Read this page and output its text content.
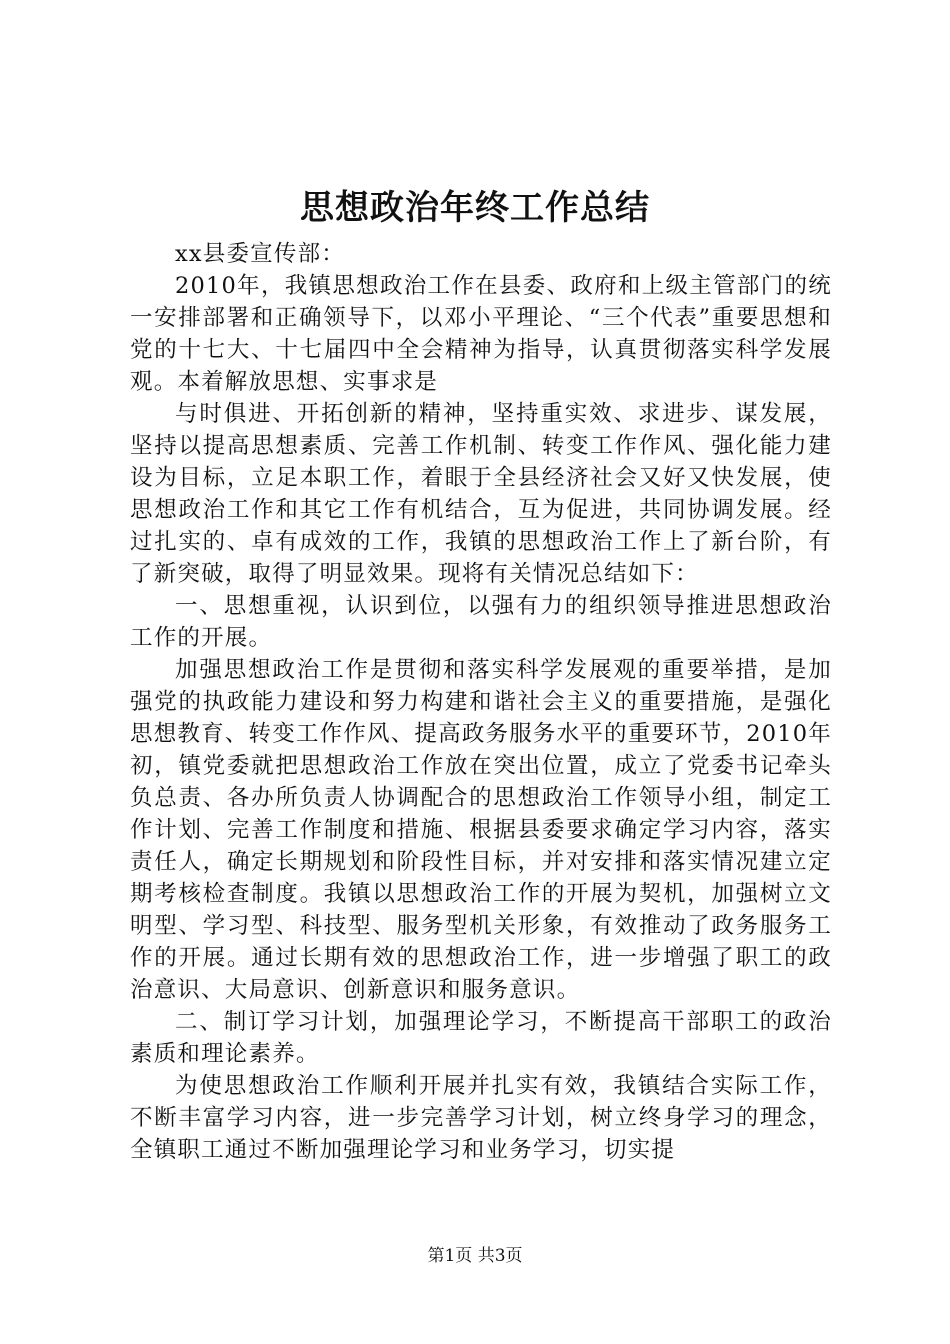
思想政治年终工作总结

xx县委宣传部：

2010年，我镇思想政治工作在县委、政府和上级主管部门的统一安排部署和正确领导下，以邓小平理论、“三个代表”重要思想和党的十七大、十七届四中全会精神为指导，认真贯彻落实科学发展观。本着解放思想、实事求是

与时俱进、开拓创新的精神，坚持重实效、求进步、谋发展，坚持以提高思想素质、完善工作机制、转变工作作风、强化能力建设为目标，立足本职工作，着眼于全县经济社会又好又快发展，使思想政治工作和其它工作有机结合，互为促进，共同协调发展。经过扎实的、卓有成效的工作，我镇的思想政治工作上了新台阶，有了新突破，取得了明显效果。现将有关情况总结如下：

一、思想重视，认识到位，以强有力的组织领导推进思想政治工作的开展。

加强思想政治工作是贯彻和落实科学发展观的重要举措，是加强党的执政能力建设和努力构建和谐社会主义的重要措施，是强化思想教育、转变工作作风、提高政务服务水平的重要环节，2010年初，镇党委就把思想政治工作放在突出位置，成立了党委书记牵头负总责、各办所负责人协调配合的思想政治工作领导小组，制定工作计划、完善工作制度和措施、根据县委要求确定学习内容，落实责任人，确定长期规划和阶段性目标，并对安排和落实情况建立定期考核检查制度。我镇以思想政治工作的开展为契机，加强树立文明型、学习型、科技型、服务型机关形象，有效推动了政务服务工作的开展。通过长期有效的思想政治工作，进一步增强了职工的政治意识、大局意识、创新意识和服务意识。

二、制订学习计划，加强理论学习，不断提高干部职工的政治素质和理论素养。

为使思想政治工作顺利开展并扎实有效，我镇结合实际工作，不断丰富学习内容，进一步完善学习计划，树立终身学习的理念，全镇职工通过不断加强理论学习和业务学习，切实提

第1页 共3页
